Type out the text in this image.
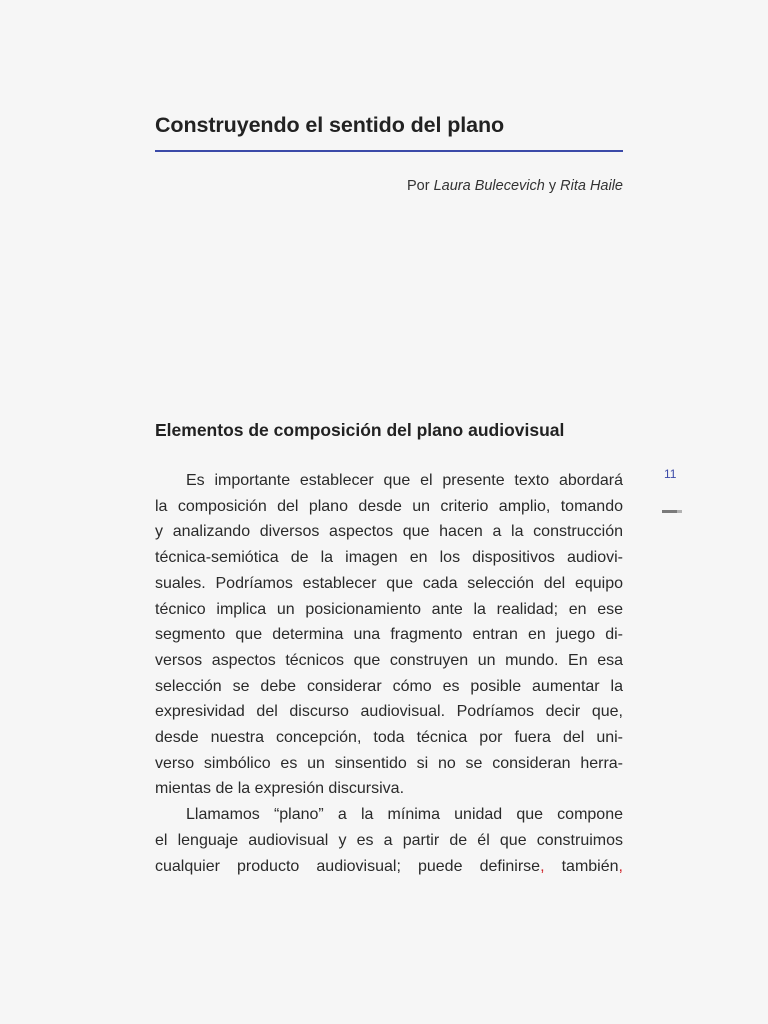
Construyendo el sentido del plano
Por Laura Bulecevich y Rita Haile
Elementos de composición del plano audiovisual

Es importante establecer que el presente texto abordará
la composición del plano desde un criterio amplio, tomando
y analizando diversos aspectos que hacen a la construcción
técnica-semiótica de la imagen en los dispositivos audiovi-
suales. Podríamos establecer que cada selección del equipo
técnico implica un posicionamiento ante la realidad; en ese
segmento que determina una fragmento entran en juego di-
versos aspectos técnicos que construyen un mundo. En esa
selección se debe considerar cómo es posible aumentar la
expresividad del discurso audiovisual. Podríamos decir que,
desde nuestra concepción, toda técnica por fuera del uni-
verso simbólico es un sinsentido si no se consideran herra-
mientas de la expresión discursiva.

Llamamos “plano” a la mínima unidad que compone
el lenguaje audiovisual y es a partir de él que construimos
cualquier producto audiovisual; puede definirse, también,

11
